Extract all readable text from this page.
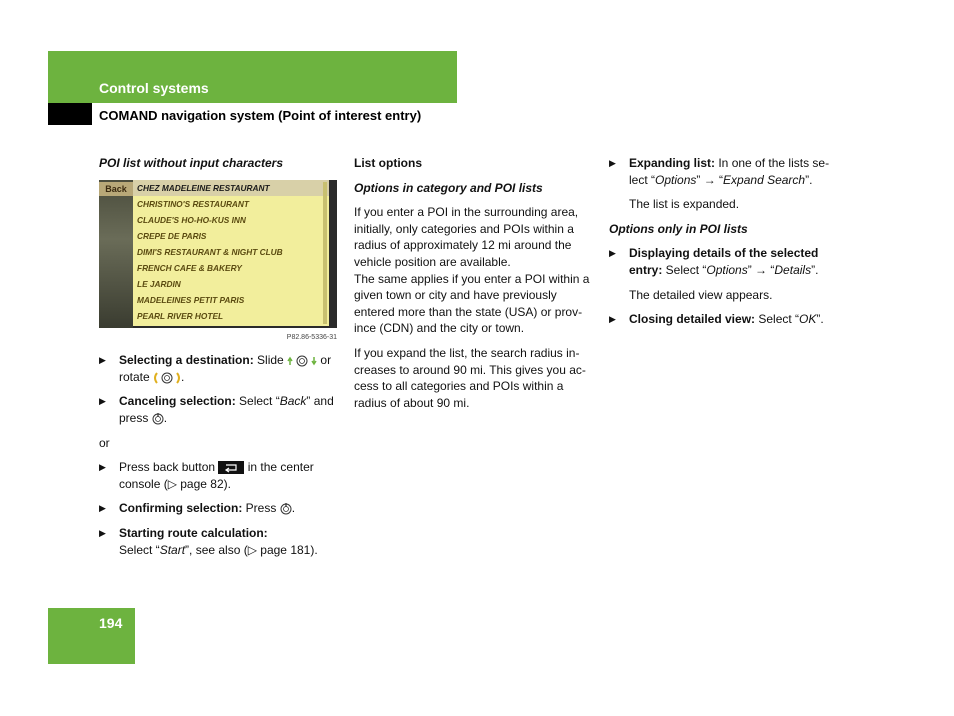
Control systems
COMAND navigation system (Point of interest entry)

POI list without input characters

Back	CHEZ MADELEINE RESTAURANT
CHRISTINO'S RESTAURANT
CLAUDE'S HO-HO-KUS INN
CREPE DE PARIS
DIMI'S RESTAURANT & NIGHT CLUB
FRENCH CAFE & BAKERY
LE JARDIN
MADELEINES PETIT PARIS
PEARL RIVER HOTEL
P82.86-5336-31
▶ Selecting a destination: Slide	or rotate .
▶ Canceling selection: Select “Back” and press .

or

▶ Press back button  in the center console (▷ page 82).
▶ Confirming selection: Press .
▶ Starting route calculation:
Select “Start”, see also (▷ page 181).

List options

Options in category and POI lists

If you enter a POI in the surrounding area, initially, only categories and POIs within a radius of approximately 12 mi around the vehicle position are available.

The same applies if you enter a POI within a given town or city and have previously entered more than the state (USA) or prov-ince (CDN) and the city or town.

If you expand the list, the search radius in-creases to around 90 mi. This gives you ac-cess to all categories and POIs within a radius of about 90 mi.

▶ Expanding list: In one of the lists se-lect “Options” → “Expand Search”.

The list is expanded.

Options only in POI lists

▶ Displaying details of the selected entry: Select “Options” → “Details”.

The detailed view appears.

▶ Closing detailed view: Select “OK”.
194
